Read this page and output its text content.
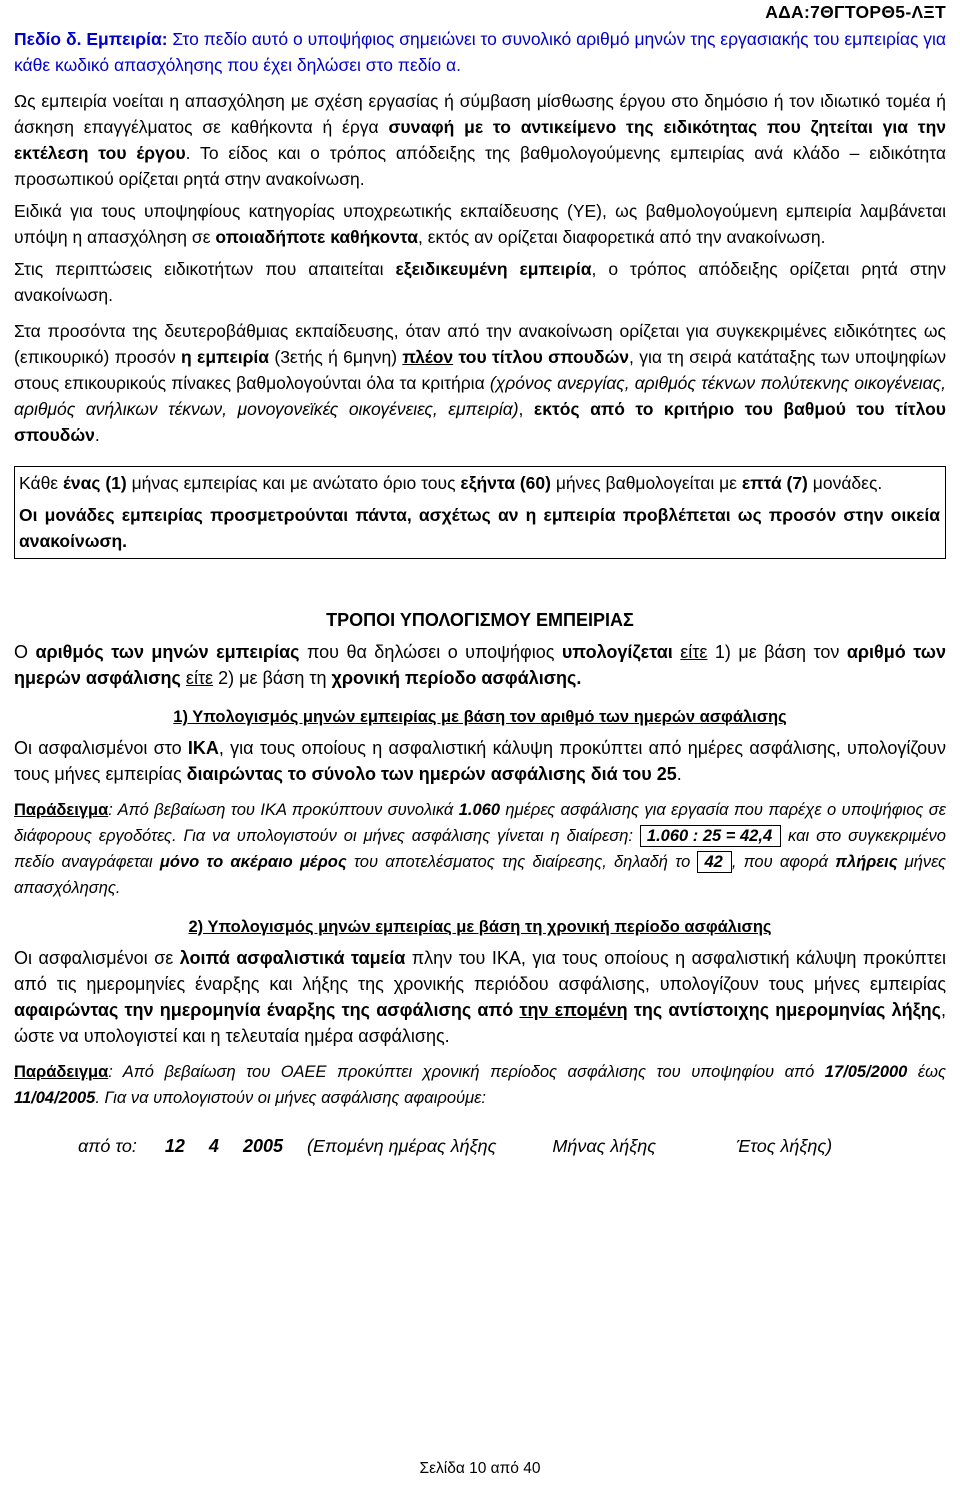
ΑΔΑ:7ΘΓΤΟΡΘ5-ΛΞΤ

Πεδίο δ. Εμπειρία: Στο πεδίο αυτό ο υποψήφιος σημειώνει το συνολικό αριθμό μηνών της εργασιακής του εμπειρίας για κάθε κωδικό απασχόλησης που έχει δηλώσει στο πεδίο α.

Ως εμπειρία νοείται η απασχόληση με σχέση εργασίας ή σύμβαση μίσθωσης έργου στο δημόσιο ή τον ιδιωτικό τομέα ή άσκηση επαγγέλματος σε καθήκοντα ή έργα συναφή με το αντικείμενο της ειδικότητας που ζητείται για την εκτέλεση του έργου. Το είδος και ο τρόπος απόδειξης της βαθμολογούμενης εμπειρίας ανά κλάδο – ειδικότητα προσωπικού ορίζεται ρητά στην ανακοίνωση.

Ειδικά για τους υποψηφίους κατηγορίας υποχρεωτικής εκπαίδευσης (ΥΕ), ως βαθμολογούμενη εμπειρία λαμβάνεται υπόψη η απασχόληση σε οποιαδήποτε καθήκοντα, εκτός αν ορίζεται διαφορετικά από την ανακοίνωση.

Στις περιπτώσεις ειδικοτήτων που απαιτείται εξειδικευμένη εμπειρία, ο τρόπος απόδειξης ορίζεται ρητά στην ανακοίνωση.

Στα προσόντα της δευτεροβάθμιας εκπαίδευσης, όταν από την ανακοίνωση ορίζεται για συγκεκριμένες ειδικότητες ως (επικουρικό) προσόν η εμπειρία (3ετής ή 6μηνη) πλέον του τίτλου σπουδών, για τη σειρά κατάταξης των υποψηφίων στους επικουρικούς πίνακες βαθμολογούνται όλα τα κριτήρια (χρόνος ανεργίας, αριθμός τέκνων πολύτεκνης οικογένειας, αριθμός ανήλικων τέκνων, μονογονεϊκές οικογένειες, εμπειρία), εκτός από το κριτήριο του βαθμού του τίτλου σπουδών.

Κάθε ένας (1) μήνας εμπειρίας και με ανώτατο όριο τους εξήντα (60) μήνες βαθμολογείται με επτά (7) μονάδες.

Οι μονάδες εμπειρίας προσμετρούνται πάντα, ασχέτως αν η εμπειρία προβλέπεται ως προσόν στην οικεία ανακοίνωση.

ΤΡΟΠΟΙ ΥΠΟΛΟΓΙΣΜΟΥ ΕΜΠΕΙΡΙΑΣ

Ο αριθμός των μηνών εμπειρίας που θα δηλώσει ο υποψήφιος υπολογίζεται είτε 1) με βάση τον αριθμό των ημερών ασφάλισης είτε 2) με βάση τη χρονική περίοδο ασφάλισης.

1) Υπολογισμός μηνών εμπειρίας με βάση τον αριθμό των ημερών ασφάλισης

Οι ασφαλισμένοι στο ΙΚΑ, για τους οποίους η ασφαλιστική κάλυψη προκύπτει από ημέρες ασφάλισης, υπολογίζουν τους μήνες εμπειρίας διαιρώντας το σύνολο των ημερών ασφάλισης διά του 25.

Παράδειγμα: Από βεβαίωση του ΙΚΑ προκύπτουν συνολικά 1.060 ημέρες ασφάλισης για εργασία που παρέχε ο υποψήφιος σε διάφορους εργοδότες. Για να υπολογιστούν οι μήνες ασφάλισης γίνεται η διαίρεση: 1.060 : 25 = 42,4 και στο συγκεκριμένο πεδίο αναγράφεται μόνο το ακέραιο μέρος του αποτελέσματος της διαίρεσης, δηλαδή το 42 , που αφορά πλήρεις μήνες απασχόλησης.

2) Υπολογισμός μηνών εμπειρίας με βάση τη χρονική περίοδο ασφάλισης

Οι ασφαλισμένοι σε λοιπά ασφαλιστικά ταμεία πλην του ΙΚΑ, για τους οποίους η ασφαλιστική κάλυψη προκύπτει από τις ημερομηνίες έναρξης και λήξης της χρονικής περιόδου ασφάλισης, υπολογίζουν τους μήνες εμπειρίας αφαιρώντας την ημερομηνία έναρξης της ασφάλισης από την επομένη της αντίστοιχης ημερομηνίας λήξης, ώστε να υπολογιστεί και η τελευταία ημέρα ασφάλισης.

Παράδειγμα: Από βεβαίωση του ΟΑΕΕ προκύπτει χρονική περίοδος ασφάλισης του υποψηφίου από 17/05/2000 έως 11/04/2005. Για να υπολογιστούν οι μήνες ασφάλισης αφαιρούμε:

από το: 12 4 2005 (Επομένη ημέρας λήξης	Μήνας λήξης	Έτος λήξης)
Σελίδα 10 από 40
